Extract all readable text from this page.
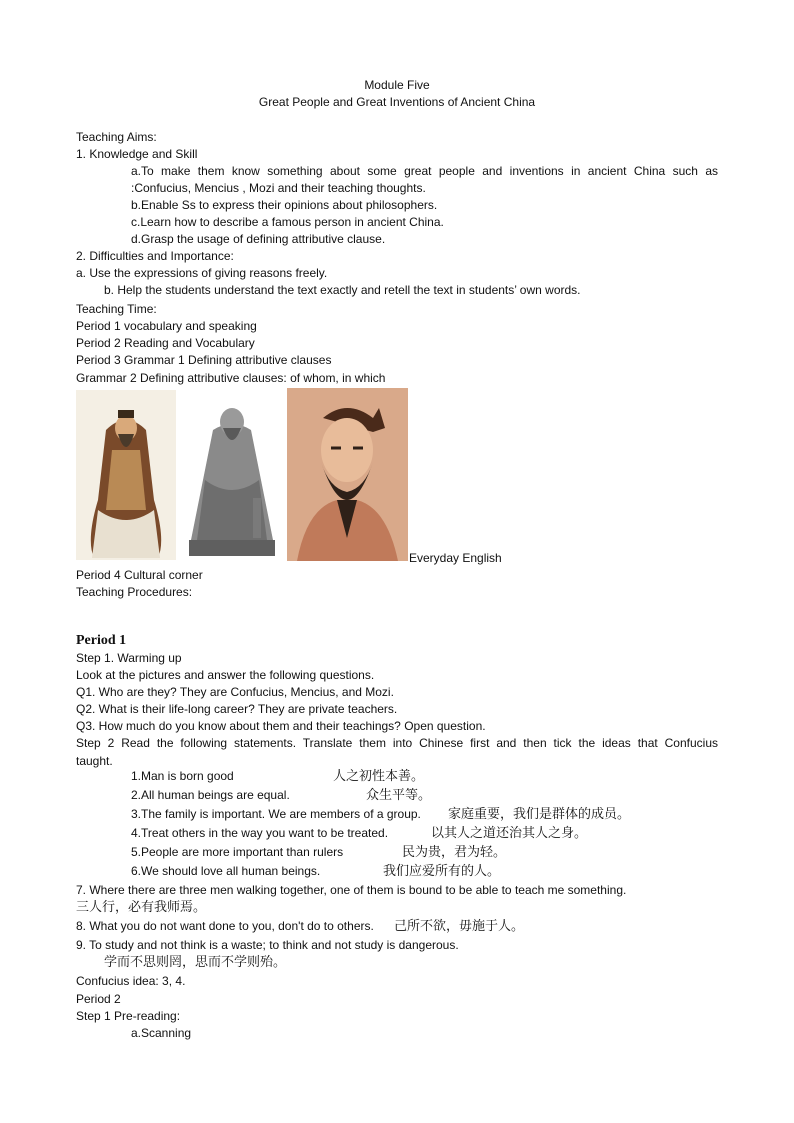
Module Five
Great People and Great Inventions of Ancient China
Teaching Aims:
1. Knowledge and Skill
a.To make them know something about some great people and inventions in ancient China such as
:Confucius, Mencius , Mozi and their teaching thoughts.
b.Enable Ss to express their opinions about philosophers.
c.Learn how to describe a famous person in ancient China.
d.Grasp the usage of defining attributive clause.
2. Difficulties and Importance:
a. Use the expressions of giving reasons freely.
b. Help the students understand the text exactly and retell the text in students’ own words.
Teaching Time:
Period 1 vocabulary and speaking
Period 2 Reading and Vocabulary
Period 3 Grammar 1 Defining attributive clauses
Grammar 2 Defining attributive clauses: of whom, in which
Everyday English
Period 4 Cultural corner
Teaching Procedures:
Period 1
Step 1. Warming up
Look at the pictures and answer the following questions.
Q1. Who are they? They are Confucius, Mencius, and Mozi.
Q2. What is their life-long career? They are private teachers.
Q3. How much do you know about them and their teachings? Open question.
Step 2 Read the following statements. Translate them into Chinese first and then tick the ideas that Confucius
taught.
1.Man is born good	人之初性本善。
2.All human beings are equal.	众生平等。
3.The family is important. We are members of a group. 家庭重要，我们是群体的成员。
4.Treat others in the way you want to be treated.	以其人之道还治其人之身。
5.People are more important than rulers	民为贵，君为轻。
6.We should love all human beings.	我们应爱所有的人。
7. Where there are three men walking together, one of them is bound to be able to teach me something.
三人行，必有我师焉。
8. What you do not want done to you, don't do to others. 己所不欲，毋施于人。
9. To study and not think is a waste; to think and not study is dangerous.
学而不思则罔，思而不学则殆。
Confucius idea: 3, 4.
Period 2
Step 1 Pre-reading:
a.Scanning
